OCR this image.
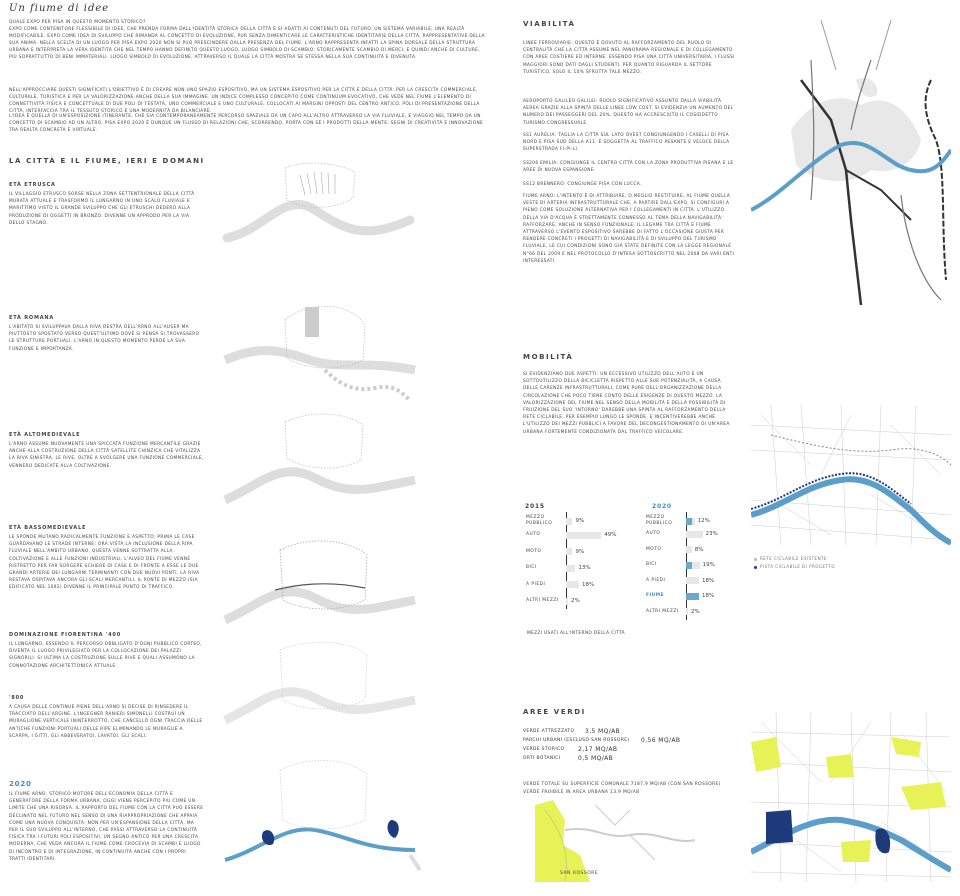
Un fiume di idee
QUALE EXPO PER PISA IN QUESTO MOMENTO STORICO?
EXPO COME CONTENITORE FLESSIBILE DI IDEE, CHE PRENDA FORMA DALL'IDENTITÀ STORICA DELLA CITTÀ E SI ADATTI AI CONTENUTI DEL FUTURO. UN SISTEMA VARIABILE, UNA REALTÀ MODIFICABILE. EXPO COME IDEA DI SVILUPPO CHE RIMANDA AL CONCETTO DI EVOLUZIONE, PUR SENZA DIMENTICARE LE CARATTERISTICHE IDENTITARIE DELLA CITTÀ, RAPPRESENTATIVE DELLA SUA ANIMA. NELLA SCELTA DI UN LUOGO PER PISA EXPO 2020 NON SI PUÒ PRESCINDERE DALLA PRESENZA DEL FIUME: L'ARNO RAPPRESENTA INFATTI LA SPINA DORSALE DELLA STRUTTURA URBANA E INTERPRETA LA VERA IDENTITÀ CHE NEL TEMPO HANNO DEFINITO QUESTO LUOGO. LUOGO SIMBOLO DI SCAMBIO: STORICAMENTE SCAMBIO DI MERCI, E QUINDI ANCHE DI CULTURE, PIÙ SOPRATTUTTO DI BENI IMMATERIALI. LUOGO SIMBOLO DI EVOLUZIONE, ATTRAVERSO IL QUALE LA CITTÀ MOSTRA SE STESSA NELLA SUA CONTINUITÀ E DIVENUTA.
NELL'APPROCCIARE QUESTI SIGNIFICATI L'OBIETTIVO È DI CREARE NON UNO SPAZIO ESPOSITIVO, MA UN SISTEMA ESPOSITIVO PER LA CITTÀ E DELLA CITTÀ: PER LA CRESCITA COMMERCIALE, CULTURALE, TURISTICA E PER LA VALORIZZAZIONE ANCHE DELLA SUA IMMAGINE. UN INDICE COMPLESSO CONCEPITO COME CONTINUUM EVOCATIVO, CHE VEDE NEL FIUME L'ELEMENTO DI CONNETTIVITÀ FISICA E CONCETTUALE DI DUE POLI DI TESTATA, UNO COMMERCIALE E UNO CULTURALE, COLLOCATI AI MARGINI OPPOSTI DEL CENTRO ANTICO. POLI DI PRESENTAZIONE DELLA CITTÀ, INTERFACCIA TRA IL TESSUTO STORICO E UNA MODERNITÀ DA BILANCIARE.
L'IDEA È QUELLA DI UN'ESPOSIZIONE ITINERANTE, CHE SIA CONTEMPORANEAMENTE PERCORSO SPAZIALE DA UN CAPO ALL'ALTRO ATTRAVERSO LA VIA FLUVIALE, E VIAGGIO NEL TEMPO DA UN CONCETTO DI SCAMBIO AD UN ALTRO. PISA EXPO 2020 È DUNQUE UN FLUSSO DI RELAZIONI CHE, SCORRENDO, PORTA CON SÉ I PRODOTTI DELLA MENTE: SEGNI DI CREATIVITÀ E INNOVAZIONE TRA REALTÀ CONCRETA E VIRTUALE.
LA CITTÀ E IL FIUME, IERI E DOMANI
ETÀ ETRUSCA
IL VILLAGGIO ETRUSCO SORSE NELLA ZONA SETTENTRIONALE DELLA CITTÀ MURATA ATTUALE E TRASFORMÒ IL LUNGARNO IN UNO SCALO FLUVIALE E MARITTIMO VISTO IL GRANDE SVILUPPO CHE GLI ETRUSCHI DEDERO ALLA PRODUZIONE DI OGGETTI IN BRONZO. DIVENNE UN APPRODO PER LA VIA DELLO STAGNO.
ETÀ ROMANA
L'ABITATO SI SVILUPPAVA DALLA RIVA DESTRA DELL'ARNO ALL'AUSER MA PIUTTOSTO SPOSTATO VERSO QUEST'ULTIMO DOVE SI PENSA SI TROVASSERO LE STRUTTURE PORTUALI. L'ARNO IN QUESTO MOMENTO PERDE LA SUA FUNZIONE E IMPORTANZA.
ETÀ ALTOMEDIEVALE
L'ARNO ASSUME NUOVAMENTE UNA SPICCATA FUNZIONE MERCANTILE GRAZIE ANCHE ALLA COSTRUZIONE DELLA CITTÀ SATELLITE CHINZICA CHE VITALIZZA LA RIVA SINISTRA. LE RIVE, OLTRE A SVOLGERE UNA FUNZIONE COMMERCIALE, VENNERO DEDICATE ALLA COLTIVAZIONE.
ETÀ BASSOMEDIEVALE
LE SPONDE MUTANO RADICALMENTE FUNZIONE E ASPETTO: PRIMA LE CASE GUARDAVANO LE STRADE INTERNE; ORA VISTA LA INCLUSIONE DELLA RIPA FLUVIALE NELL'AMBITO URBANO, QUESTA VENNE SOTTRATTA ALLA COLTIVAZIONE E ALLE FUNZIONI INDUSTRIALI. L'ALVEO DEL FIUME VENNE RISTRETTO PER FAR SORGERE SCHIERE DI CASE E DI FRONTE A ESSE LE DUE GRANDI ARTERIE DEI LUNGARNI TERMINANTI CON DUE NUOVI PONTI. LA RIVA RESTAVA OSPITAVA ANCORA GLI SCALI MERCANTILI. IL PONTE DI MEZZO (SIA EDIFICATO NEL 1092) DIVENNE IL PRINCIPALE PUNTO DI TRAFFICO.
DOMINAZIONE FIORENTINA '400
IL LUNGARNO, ESSENDO IL PERCORSO OBBLIGATO D'OGNI PUBBLICO CORTEO, DIVENTA IL LUOGO PRIVILEGIATO PER LA COLLOCAZIONE DEI PALAZZI SIGNORILI. SI ULTIMA LA COSTRUZIONE SULLE RIVE E QUALI ASSUMONO LA CONNOTAZIONE ARCHITETTONICA ATTUALE.
'800
A CAUSA DELLE CONTINUE PIENE DELL'ARNO SI DECISE DI RINSEDERE IL TRACCIATO DELL'ARGINE. L'INGEGNER RANIERI SIMONELLI COSTRUÌ UN MURAGLIONE VERTICALE ININTERROTTO, CHE CANCELLÒ OGNI TRACCIA DELLE ANTICHE FUNZIONI PORTUALI DELLE RIPE ELIMINANDO LE MURAGLIE A SCARPA, I GITTI, GLI ABBEVERATOI, LAVATOI, GLI SCALI.
2020
IL FIUME ARNO, STORICO MOTORE DELL'ECONOMIA DELLA CITTÀ E GENERATORE DELLA FORMA URBANA, OGGI VIENE PERCEPITO PIÙ COME UN LIMITE CHE UNA RISORSA. IL RAPPORTO DEL FIUME CON LA CITTÀ PUÒ ESSERE DECLINATO NEL FUTURO NEL SENSO DI UNA RIAPPROPRIAZIONE CHE APPAIA COME UNA NUOVA CONQUISTA: NON PER UN'ESPANSIONE DELLA CITTÀ, MA PER IL SUO SVILUPPO ALL'INTERNO, CHE PASSI ATTRAVERSO LA CONTINUITÀ FISICA TRA I FUTURI POLI ESPOSITIVI, UN SEGNO ANTICO PER UNA CRESCITA MODERNA, CHE VEDA ANCORA IL FIUME COME CROCEVIA DI SCAMBI E LUOGO DI INCONTRO E DI INTEGRAZIONE, IN CONTINUITÀ ANCHE CON I PROPRI TRATTI IDENTITARI.
VIABILITÀ
LINEE FERROVIARIE: QUESTO È DOVUTO AL RAFFORZAMENTO DEL RUOLO DI CENTRALITÀ CHE LA CITTÀ ASSUME NEL PANORAMA REGIONALE E DI COLLEGAMENTO CON AREE COSTIERE ED INTERNE. ESSENDO PISA UNA CITTÀ UNIVERSITARIA, I FLUSSI MAGGIORI SONO DATI DAGLI STUDENTI. PER QUANTO RIGUARDA IL SETTORE TURISTICO, SOLO IL 10% SFRUTTA TALE MEZZO.
AEROPORTO GALILEO GALILEI: RUOLO SIGNIFICATIVO ASSUNTO DALLA VIABILITÀ AEREA GRAZIE ALLA SPINTA DELLE LINEE LOW COST. SI EVIDENZIA UN AUMENTO DEL NUMERO DEI PASSEGGERI DEL 20%. QUESTO HA ACCRESCIUTO IL COSIDDETTO TURISMO CONGRESSUALE.
SS1 AURELIA: TAGLIA LA CITTÀ SUL LATO OVEST CONGIUNGENDO I CASELLI DI PISA NORD E PISA SUD DELLA A11. È SOGGETTA AL TRAFFICO PESANTE E VELOCE DELLA SUPERSTRADA FI-PI-LI.
SS206 EMILIA: CONGIUNGE IL CENTRO CITTÀ CON LA ZONA PRODUTTIVA PISANA E LE AREE DI NUOVA ESPANSIONE.
SS12 BRENNERO: CONGIUNGE PISA CON LUCCA.
FIUME ARNO: L'INTENTO È DI ATTRIBUIRE, O MEGLIO RESTITUIRE, AL FIUME QUELLA VESTE DI ARTERIA INFRASTRUTTURALE CHE, A PARTIRE DALL'EXPO, SI CONFIGURI A PIENO COME SOLUZIONE ALTERNATIVA PER I COLLEGAMENTI IN CITTÀ. L'UTILIZZO DELLA VIA D'ACQUA È STRETTAMENTE CONNESSO AL TEMA DELLA NAVIGABILITÀ: RAFFORZARE, ANCHE IN SENSO FUNZIONALE, IL LEGAME TRA CITTÀ E FIUME ATTRAVERSO L'EVENTO ESPOSITIVO SAREBBE DI FATTO L'OCCASIONE GIUSTA PER RENDERE CONCRETI I PROGETTI DI NAVIGABILITÀ E DI SVILUPPO DEL TURISMO FLUVIALE, LE CUI CONDIZIONI SONO GIÀ STATE DEFINITE CON LA LEGGE REGIONALE N°66 DEL 2009 E NEL PROTOCOLLO D'INTESA SOTTOSCRITTO NEL 2008 DA VARI ENTI INTERESSATI.
MOBILITÀ
SI EVIDENZIANO DUE ASPETTI: UN ECCESSIVO UTILIZZO DELL'AUTO E UN SOTTOUTILIZZO DELLA BICICLETTA RISPETTO ALLE SUE POTENZIALITÀ, A CAUSA DELLE CARENZE INFRASTRUTTURALI, COME PURE DELL'ORGANIZZAZIONE DELLA CIRCOLAZIONE CHE POCO TIENE CONTO DELLE ESIGENZE DI QUESTO MEZZO. LA VALORIZZAZIONE DEL FIUME NEL SENSO DELLA MOBILITÀ E DELLA POSSIBILITÀ DI FRUIZIONE DEL SUO 'INTORNO' DAREBBE UNA SPINTA AL RAFFORZAMENTO DELLA RETE CICLABILE, PER ESEMPIO LUNGO LE SPONDE, E INCENTIVEREBBE ANCHE L'UTILIZZO DEI MEZZI PUBBLICI A FAVORE DEL DECONGESTIONAMENTO DI UN'AREA URBANA FORTEMENTE CONDIZIONATA DAL TRAFFICO VEICOLARE.
RETE CICLABILE ESISTENTE
PISTA CICLABILE DI PROGETTO
2015	2020
MEZZO PUBBLICO	9%
AUTO	49%
MOTO	9%
BICI	13%
A PIEDI	18%
ALTRI MEZZI	2%
MEZZO PUBBLICO	12%
AUTO	23%
MOTO	8%
BICI	19%
A PIEDI	18%
FIUME	18%
ALTRI MEZZI	2%
MEZZI USATI ALL'INTERNO DELLA CITTÀ
AREE VERDI
VERDE ATTREZZATO	3,5 MQ/AB
PARCHI URBANI (ESCLUSO SAN ROSSORE)	0,56 MQ/AB
VERDE STORICO	2,17 MQ/AB
ORTI BOTANICI	0,5 MQ/AB
VERDE TOTALE SU SUPERFICIE COMUNALE 7187,9 MQ/AB (CON SAN ROSSORE)
VERDE FRUIBILE IN AREA URBANA 13,9 MQ/AB
SAN ROSSORE
